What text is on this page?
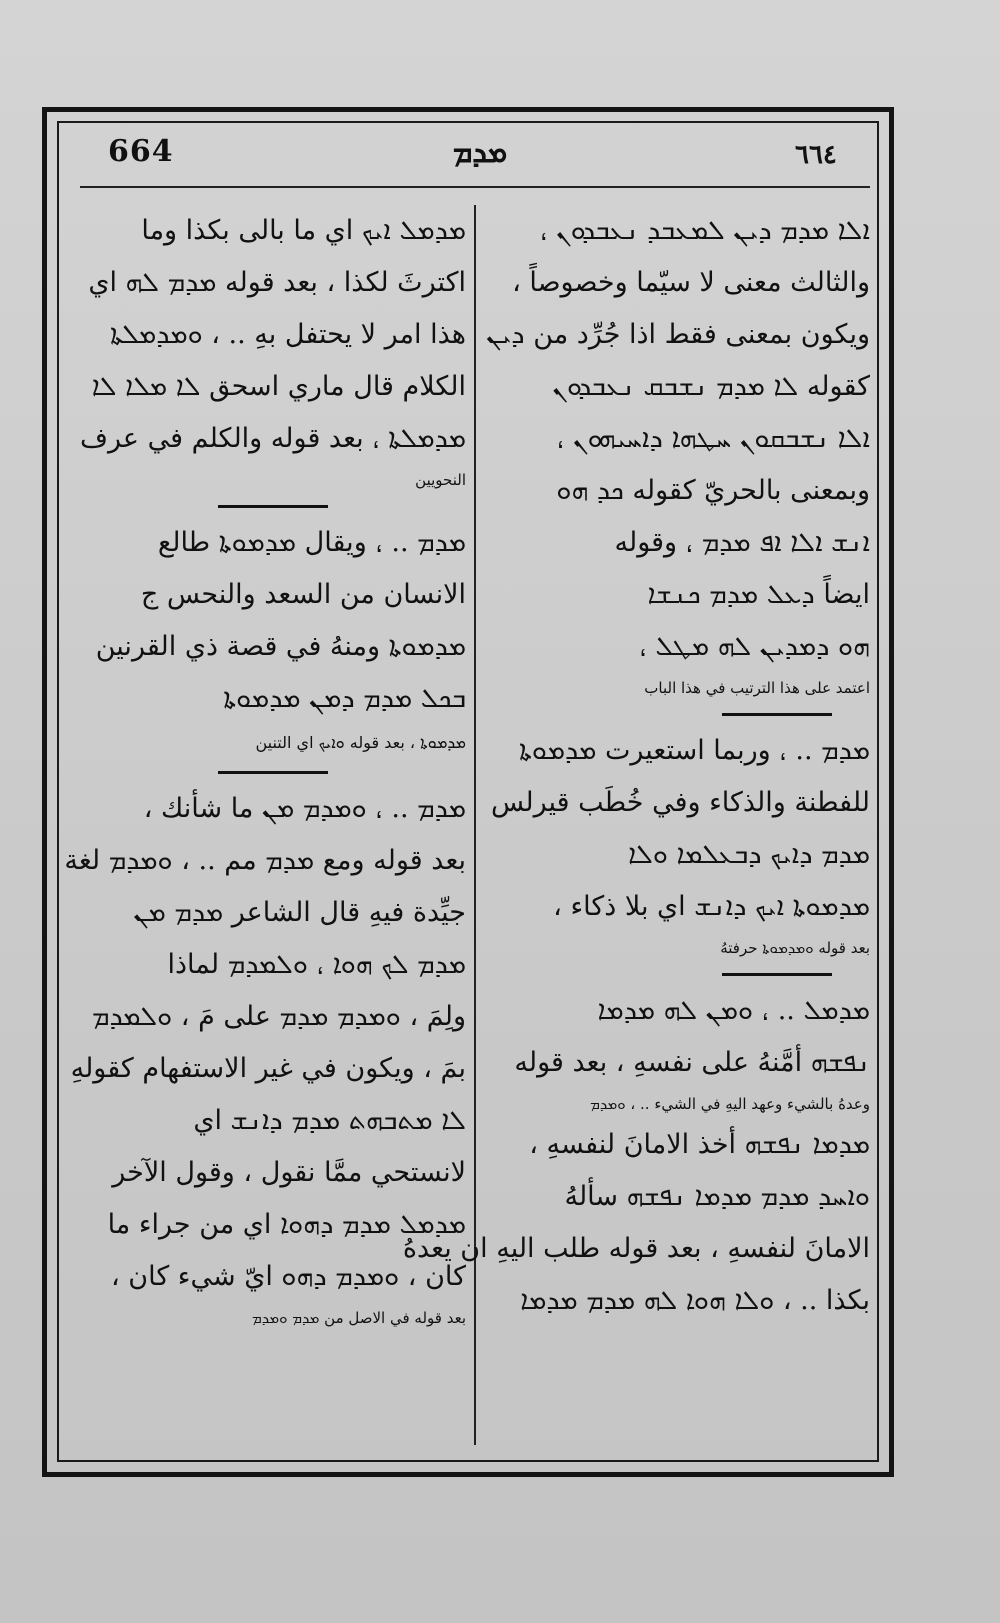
664	ܡܕܡ	٦٦٤
ܐܠܐ ܡܕܡ ܕܝܢ ܠܡܥܒܕ ܢܥܒܕܘܢ ،
والثالث معنى لا سيّما وخصوصاً ،
ويكون بمعنى فقط اذا جُرِّد من ܕܝܢ
كقوله ܠܐ ܡܕܡ ܢܫܒܩ ܢܥܒܕܘܢ
ܐܠܐ ܢܫܒܩܘܢ ܚܛܗܐ ܕܐܚܝܗܘܢ ،
وبمعنى بالحريّ كقوله ܟܕ ܗܘ
ܐܢܫ ܐܠܐ ܐܦ ܡܕܡ ، وقوله
ايضاً ܕܥܠ ܡܕܡ ܟܢܫܐ
ܗܘ ܕܡܕܝܢ ܠܗ ܡܛܠ ،
اعتمد على هذا الترتيب في هذا الباب
ܡܕܡ .. ، وربما استعيرت ܡܕܡܘܬܐ
للفطنة والذكاء وفي خُطَب قيرلس
ܡܕܡ ܕܐܝܟ ܕܒܥܠܡܐ ܘܠܐ
ܡܕܡܘܬܐ ܐܝܟ ܕܐܢܫ اي بلا ذكاء ،
بعد قوله ܘܡܕܡܘܬܐ حرفتهُ
ܡܕܡܠ .. ، ܘܡܢ ܠܗ ܡܕܡܐ
ܢܦܫܗ أمَّنهُ على نفسهِ ، بعد قوله
وعدهُ بالشيء وعهد اليهِ في الشيء .. ، ܘܡܕܡ
ܡܕܡܐ ܢܦܫܗ أخذ الامانَ لنفسهِ ،
ܘܐܚܕ ܡܕܡ ܡܕܡܐ ܢܦܫܗ سألهُ
الامانَ لنفسهِ ، بعد قوله طلب اليهِ ان يعدهُ
بكذا .. ، ܘܠܐ ܗܘܐ ܠܗ ܡܕܡ ܡܕܡܐ
ܡܕܡܠ ܐܝܟ اي ما بالى بكذا وما
اكترثَ لكذا ، بعد قوله ܡܕܡ ܠܗ اي
هذا امر لا يحتفل بهِ .. ، ܘܡܕܡܠܬܐ
الكلام قال ماري اسحق ܠܐ ܡܠܐ ܠܐ
ܡܕܡܠܬܐ ، بعد قوله والكلم في عرف
النحويين
ܡܕܡ .. ، ويقال ܡܕܡܘܬܐ طالع
الانسان من السعد والنحس ج
ܡܕܡܘܬܐ ومنهُ في قصة ذي القرنين
ܒܟܠ ܡܕܡ ܕܡܢ ܡܕܡܘܬܐ
ܡܕܡܘܬܐ ، بعد قوله ܘܐܝܟ اي التنين
ܡܕܡ .. ، ܘܡܕܡ ܡܢ ما شأنك ،
بعد قوله ومع ܡܕܡ مم .. ، ܘܡܕܡ لغة
جيِّدة فيهِ قال الشاعر ܡܕܡ ܡܢ
ܡܕܡ ܠܟ ܗܘܐ ، ܘܠܡܕܡ لماذا
ولِمَ ، ܘܡܕܡ ܡܕܡ على مَ ، ܘܠܡܕܡ
بمَ ، ويكون في غير الاستفهام كقولهِ
ܠܐ ܡܬܒܗܬ ܡܕܡ ܕܐܢܫ اي
لانستحي ممَّا نقول ، وقول الآخر
ܡܕܡܠ ܡܕܡ ܕܗܘܐ اي من جراء ما
كان ، ܘܡܕܡ ܕܗܘ ايّ شيء كان ،
بعد قوله في الاصل من ܡܕܡ ܘܡܕܡ
